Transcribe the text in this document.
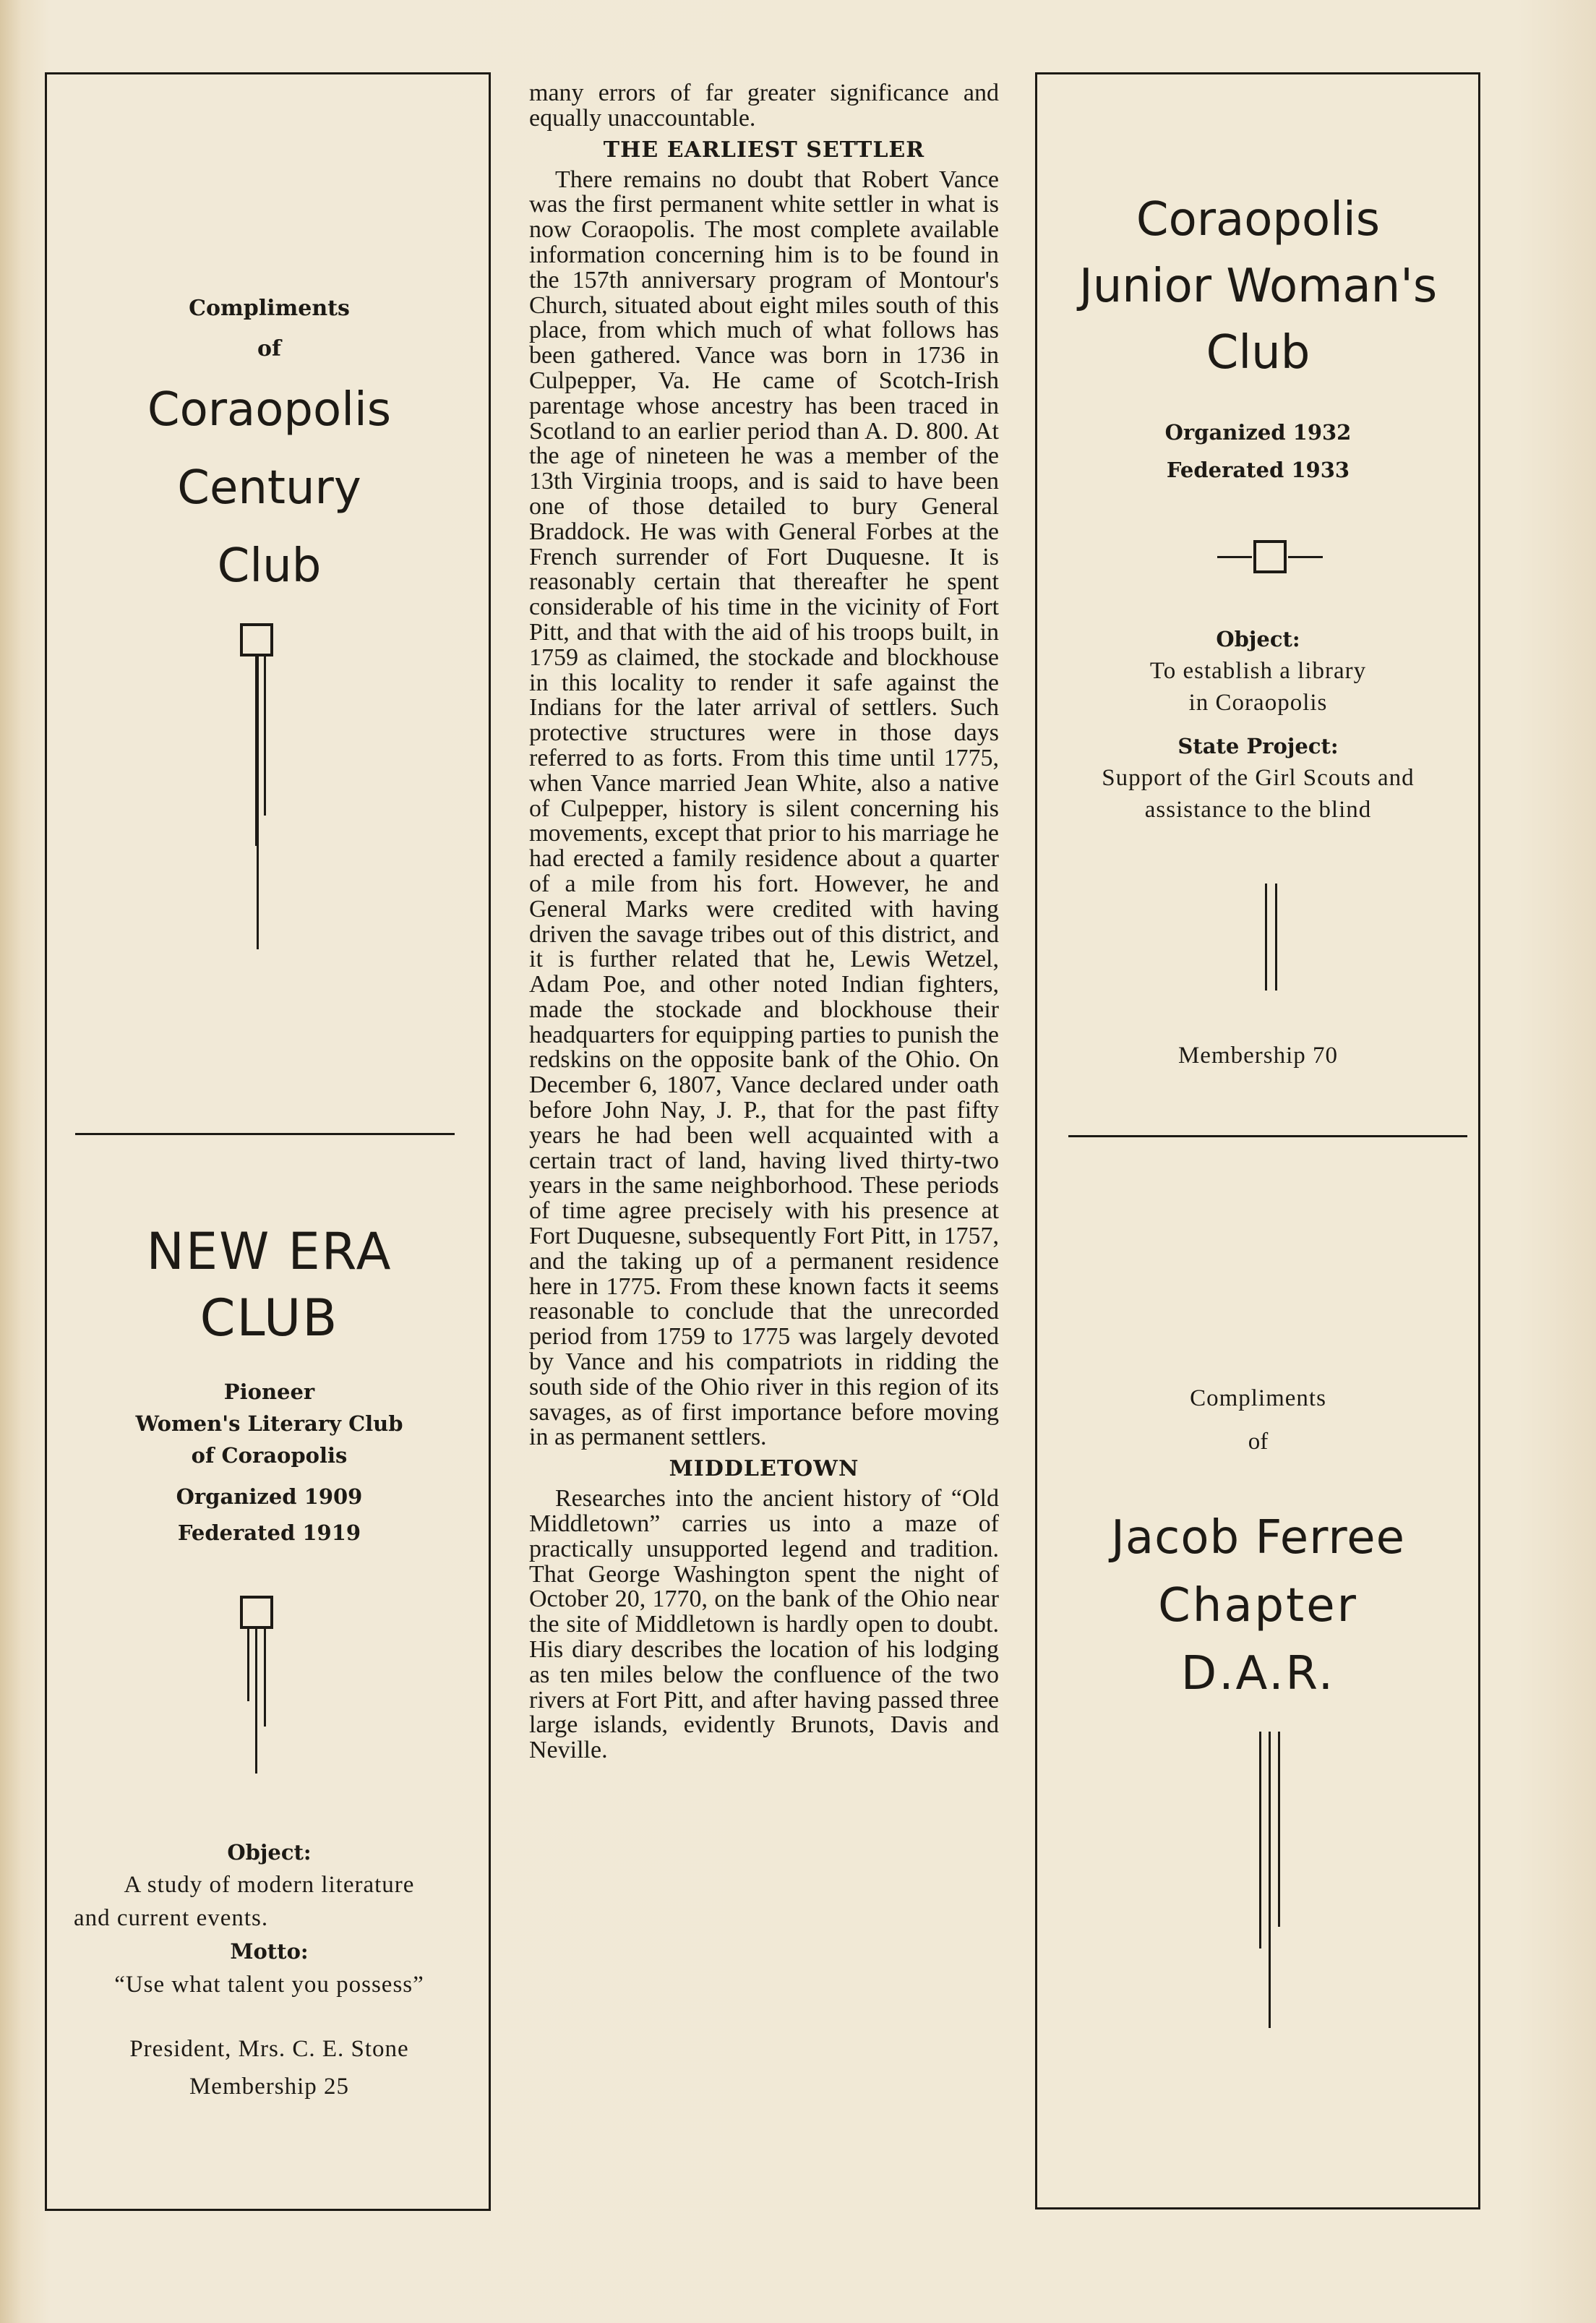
Compliments
of
Coraopolis
Century
Club
NEW ERA
CLUB
Pioneer
Women's Literary Club
of Coraopolis
Organized 1909
Federated 1919
Object:
A study of modern literature
and current events.
Motto:
“Use what talent you possess”
President, Mrs. C. E. Stone
Membership 25

many errors of far greater significance and equally unaccountable.

THE EARLIEST SETTLER

There remains no doubt that Robert Vance was the first permanent white settler in what is now Coraopolis. The most complete available information concerning him is to be found in the 157th anniversary program of Montour's Church, situated about eight miles south of this place, from which much of what follows has been gathered. Vance was born in 1736 in Culpepper, Va. He came of Scotch-Irish parentage whose ancestry has been traced in Scotland to an earlier period than A. D. 800. At the age of nineteen he was a member of the 13th Virginia troops, and is said to have been one of those detailed to bury General Braddock. He was with General Forbes at the French surrender of Fort Duquesne. It is reasonably certain that thereafter he spent considerable of his time in the vicinity of Fort Pitt, and that with the aid of his troops built, in 1759 as claimed, the stockade and blockhouse in this locality to render it safe against the Indians for the later arrival of settlers. Such protective structures were in those days referred to as forts. From this time until 1775, when Vance married Jean White, also a native of Culpepper, history is silent concerning his movements, except that prior to his marriage he had erected a family residence about a quarter of a mile from his fort. However, he and General Marks were credited with having driven the savage tribes out of this district, and it is further related that he, Lewis Wetzel, Adam Poe, and other noted Indian fighters, made the stockade and blockhouse their headquarters for equipping parties to punish the redskins on the opposite bank of the Ohio. On December 6, 1807, Vance declared under oath before John Nay, J. P., that for the past fifty years he had been well acquainted with a certain tract of land, having lived thirty-two years in the same neighborhood. These periods of time agree precisely with his presence at Fort Duquesne, subsequently Fort Pitt, in 1757, and the taking up of a permanent residence here in 1775. From these known facts it seems reasonable to conclude that the unrecorded period from 1759 to 1775 was largely devoted by Vance and his compatriots in ridding the south side of the Ohio river in this region of its savages, as of first importance before moving in as permanent settlers.

MIDDLETOWN

Researches into the ancient history of “Old Middletown” carries us into a maze of practically unsupported legend and tradition. That George Washington spent the night of October 20, 1770, on the bank of the Ohio near the site of Middletown is hardly open to doubt. His diary describes the location of his lodging as ten miles below the confluence of the two rivers at Fort Pitt, and after having passed three large islands, evidently Brunots, Davis and Neville.

Coraopolis
Junior Woman's
Club
Organized 1932
Federated 1933
Object:
To establish a library
in Coraopolis
State Project:
Support of the Girl Scouts and
assistance to the blind
Membership 70
Compliments
of
Jacob Ferree
Chapter
D.A.R.
